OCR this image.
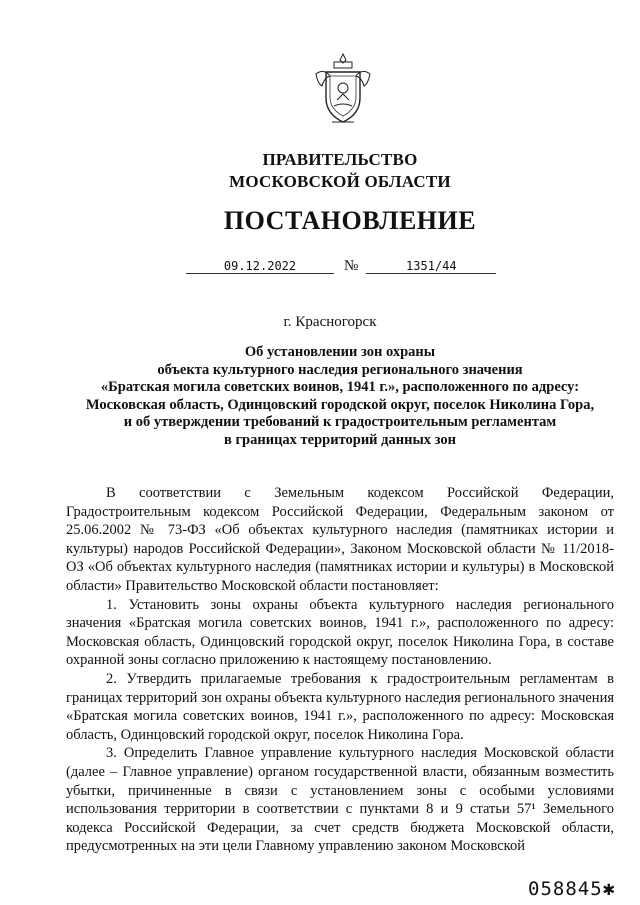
ПРАВИТЕЛЬСТВО
МОСКОВСКОЙ ОБЛАСТИ
ПОСТАНОВЛЕНИЕ
09.12.2022	№	1351/44
г. Красногорск
Об установлении зон охраны
объекта культурного наследия регионального значения
«Братская могила советских воинов, 1941 г.», расположенного по адресу:
Московская область, Одинцовский городской округ, поселок Николина Гора,
и об утверждении требований к градостроительным регламентам
в границах территорий данных зон

В соответствии с Земельным кодексом Российской Федерации, Градостроительным кодексом Российской Федерации, Федеральным законом от 25.06.2002 № 73-ФЗ «Об объектах культурного наследия (памятниках истории и культуры) народов Российской Федерации», Законом Московской области № 11/2018-ОЗ «Об объектах культурного наследия (памятниках истории и культуры) в Московской области» Правительство Московской области постановляет:

1. Установить зоны охраны объекта культурного наследия регионального значения «Братская могила советских воинов, 1941 г.», расположенного по адресу: Московская область, Одинцовский городской округ, поселок Николина Гора, в составе охранной зоны согласно приложению к настоящему постановлению.

2. Утвердить прилагаемые требования к градостроительным регламентам в границах территорий зон охраны объекта культурного наследия регионального значения «Братская могила советских воинов, 1941 г.», расположенного по адресу: Московская область, Одинцовский городской округ, поселок Николина Гора.

3. Определить Главное управление культурного наследия Московской области (далее – Главное управление) органом государственной власти, обязанным возместить убытки, причиненные в связи с установлением зоны с особыми условиями использования территории в соответствии с пунктами 8 и 9 статьи 57¹ Земельного кодекса Российской Федерации, за счет средств бюджета Московской области, предусмотренных на эти цели Главному управлению законом Московской

058845✱
